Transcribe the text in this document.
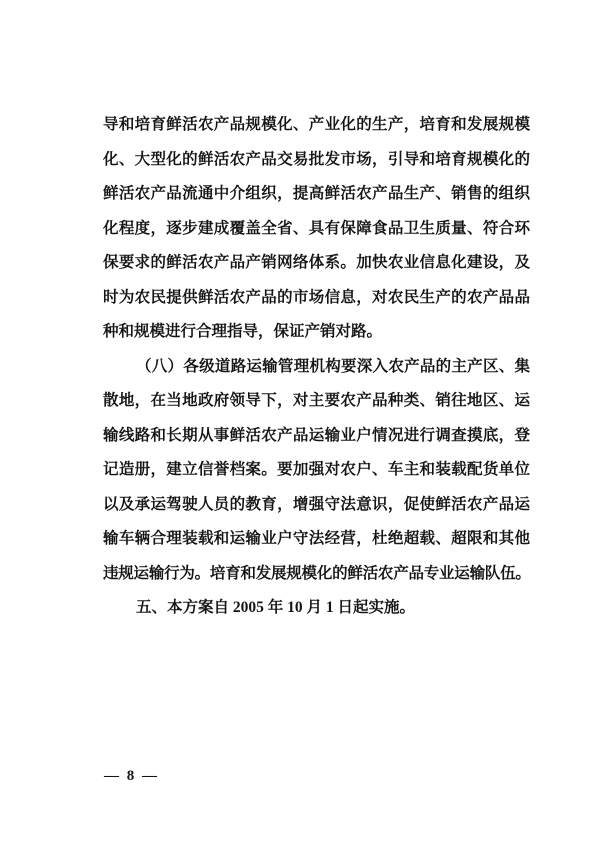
导和培育鲜活农产品规模化、产业化的生产，培育和发展规模
化、大型化的鲜活农产品交易批发市场，引导和培育规模化的
鲜活农产品流通中介组织，提高鲜活农产品生产、销售的组织
化程度，逐步建成覆盖全省、具有保障食品卫生质量、符合环
保要求的鲜活农产品产销网络体系。加快农业信息化建设，及
时为农民提供鲜活农产品的市场信息，对农民生产的农产品品
种和规模进行合理指导，保证产销对路。
（八）各级道路运输管理机构要深入农产品的主产区、集
散地，在当地政府领导下，对主要农产品种类、销往地区、运
输线路和长期从事鲜活农产品运输业户情况进行调查摸底，登
记造册，建立信誉档案。要加强对农户、车主和装载配货单位
以及承运驾驶人员的教育，增强守法意识，促使鲜活农产品运
输车辆合理装载和运输业户守法经营，杜绝超载、超限和其他
违规运输行为。培育和发展规模化的鲜活农产品专业运输队伍。
五、本方案自 2005 年 10 月 1 日起实施。
— 8 —
